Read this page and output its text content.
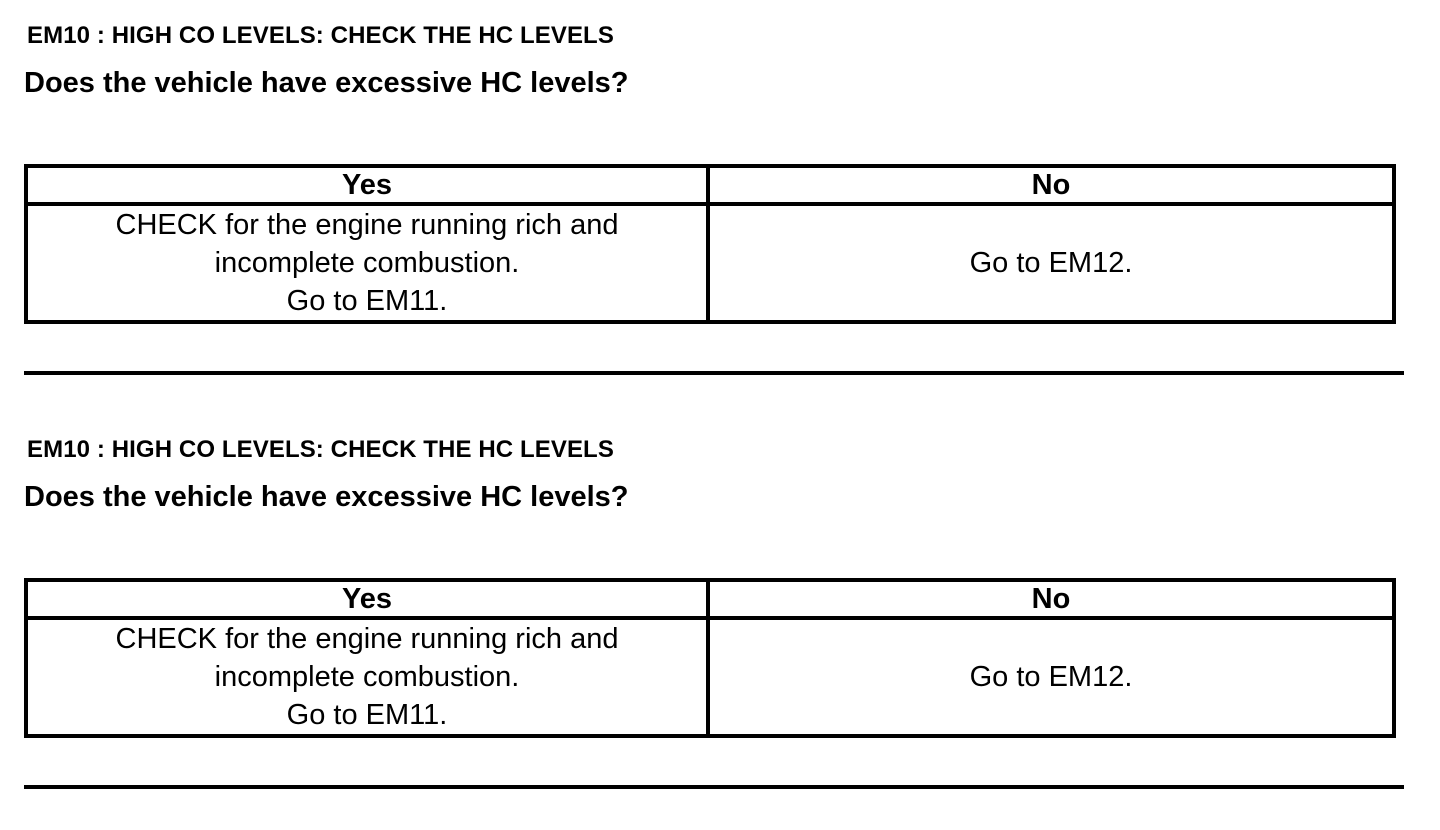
EM10 : HIGH CO LEVELS: CHECK THE HC LEVELS
Does the vehicle have excessive HC levels?
Yes	No

CHECK for the engine running rich and
incomplete combustion.
Go to EM11.	Go to EM12.
EM10 : HIGH CO LEVELS: CHECK THE HC LEVELS
Does the vehicle have excessive HC levels?
Yes	No

CHECK for the engine running rich and
incomplete combustion.
Go to EM11.	Go to EM12.
